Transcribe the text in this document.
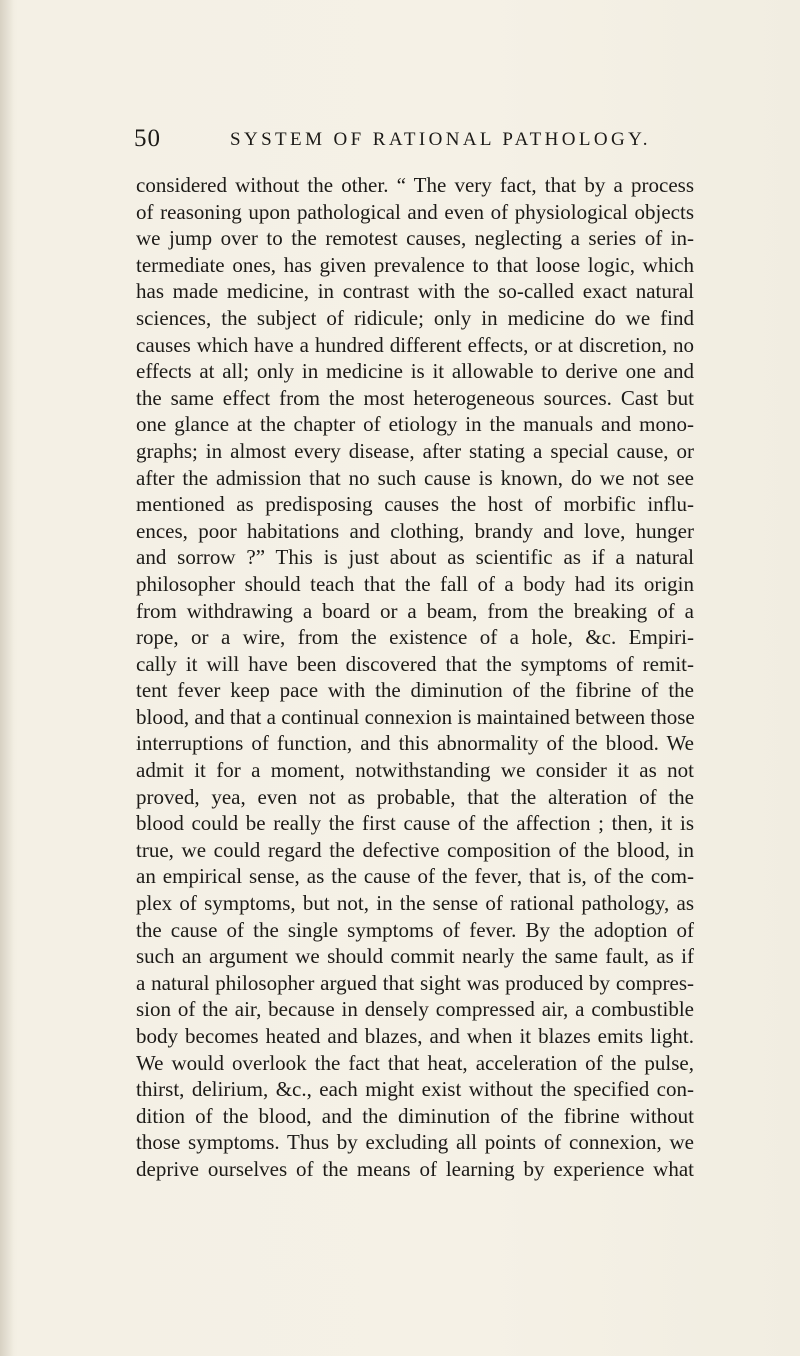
50	SYSTEM OF RATIONAL PATHOLOGY.
considered without the other. “ The very fact, that by a process
of reasoning upon pathological and even of physiological objects
we jump over to the remotest causes, neglecting a series of in-
termediate ones, has given prevalence to that loose logic, which
has made medicine, in contrast with the so-called exact natural
sciences, the subject of ridicule; only in medicine do we find
causes which have a hundred different effects, or at discretion, no
effects at all; only in medicine is it allowable to derive one and
the same effect from the most heterogeneous sources. Cast but
one glance at the chapter of etiology in the manuals and mono-
graphs; in almost every disease, after stating a special cause, or
after the admission that no such cause is known, do we not see
mentioned as predisposing causes the host of morbific influ-
ences, poor habitations and clothing, brandy and love, hunger
and sorrow ?” This is just about as scientific as if a natural
philosopher should teach that the fall of a body had its origin
from withdrawing a board or a beam, from the breaking of a
rope, or a wire, from the existence of a hole, &c. Empiri-
cally it will have been discovered that the symptoms of remit-
tent fever keep pace with the diminution of the fibrine of the
blood, and that a continual connexion is maintained between those
interruptions of function, and this abnormality of the blood. We
admit it for a moment, notwithstanding we consider it as not
proved, yea, even not as probable, that the alteration of the
blood could be really the first cause of the affection ; then, it is
true, we could regard the defective composition of the blood, in
an empirical sense, as the cause of the fever, that is, of the com-
plex of symptoms, but not, in the sense of rational pathology, as
the cause of the single symptoms of fever. By the adoption of
such an argument we should commit nearly the same fault, as if
a natural philosopher argued that sight was produced by compres-
sion of the air, because in densely compressed air, a combustible
body becomes heated and blazes, and when it blazes emits light.
We would overlook the fact that heat, acceleration of the pulse,
thirst, delirium, &c., each might exist without the specified con-
dition of the blood, and the diminution of the fibrine without
those symptoms. Thus by excluding all points of connexion, we
deprive ourselves of the means of learning by experience what
